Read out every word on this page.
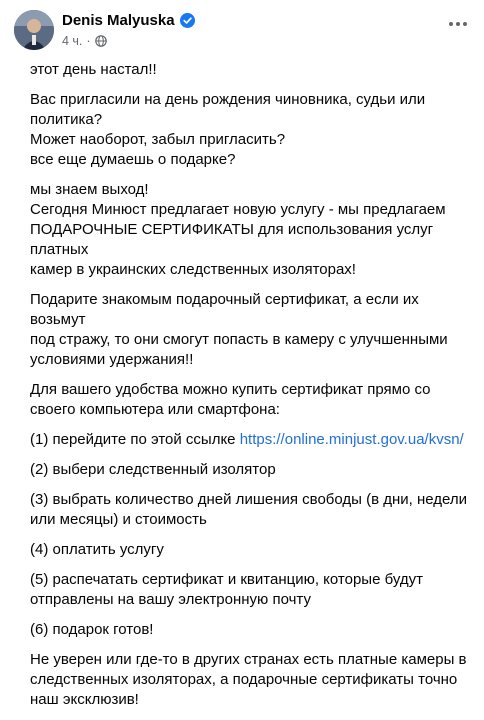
Denis Malyuska
4 ч. ·

этот день настал!!

Вас пригласили на день рождения чиновника, судьи или
политика?
Может наоборот, забыл пригласить?
все еще думаешь о подарке?

мы знаем выход!
Сегодня Минюст предлагает новую услугу - мы предлагаем
ПОДАРОЧНЫЕ СЕРТИФИКАТЫ для использования услуг платных
камер в украинских следственных изоляторах!

Подарите знакомым подарочный сертификат, а если их возьмут
под стражу, то они смогут попасть в камеру с улучшенными
условиями удержания!!

Для вашего удобства можно купить сертификат прямо со
своего компьютера или смартфона:

(1) перейдите по этой ссылке https://online.minjust.gov.ua/kvsn/

(2) выбери следственный изолятор

(3) выбрать количество дней лишения свободы (в дни, недели
или месяцы) и стоимость

(4) оплатить услугу

(5) распечатать сертификат и квитанцию, которые будут
отправлены на вашу электронную почту

(6) подарок готов!

Не уверен или где-то в других странах есть платные камеры в
следственных изоляторах, а подарочные сертификаты точно
наш эксклюзив!
